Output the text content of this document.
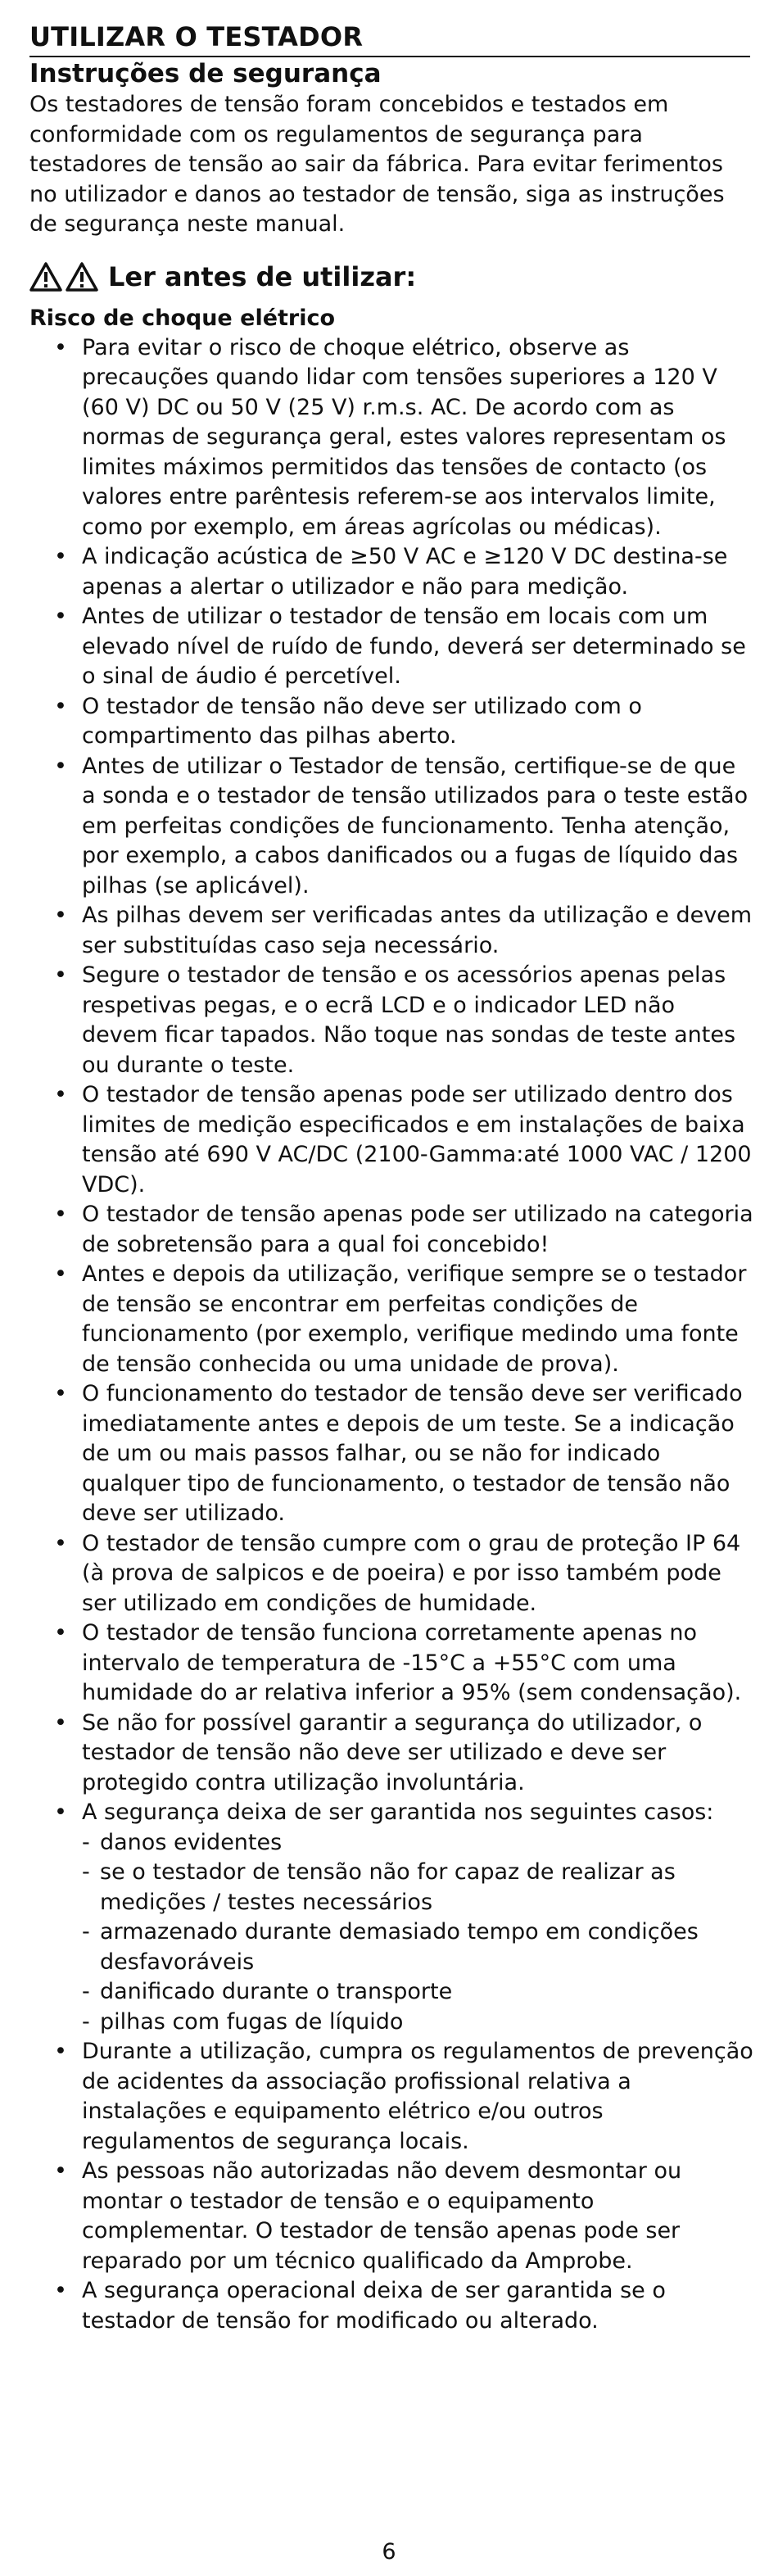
UTILIZAR O TESTADOR
Instruções de segurança

Os testadores de tensão foram concebidos e testados em conformidade com os regulamentos de segurança para testadores de tensão ao sair da fábrica. Para evitar ferimentos no utilizador e danos ao testador de tensão, siga as instruções de segurança neste manual.

Ler antes de utilizar:
Risco de choque elétrico
• Para evitar o risco de choque elétrico, observe as precauções quando lidar com tensões superiores a 120 V (60 V) DC ou 50 V (25 V) r.m.s. AC. De acordo com as normas de segurança geral, estes valores representam os limites máximos permitidos das tensões de contacto (os valores entre parêntesis referem-se aos intervalos limite, como por exemplo, em áreas agrícolas ou médicas).
• A indicação acústica de ≥50 V AC e ≥120 V DC destina-se apenas a alertar o utilizador e não para medição.
• Antes de utilizar o testador de tensão em locais com um elevado nível de ruído de fundo, deverá ser determinado se o sinal de áudio é percetível.
• O testador de tensão não deve ser utilizado com o compartimento das pilhas aberto.
• Antes de utilizar o Testador de tensão, certifique-se de que a sonda e o testador de tensão utilizados para o teste estão em perfeitas condições de funcionamento. Tenha atenção, por exemplo, a cabos danificados ou a fugas de líquido das pilhas (se aplicável).
• As pilhas devem ser verificadas antes da utilização e devem ser substituídas caso seja necessário.
• Segure o testador de tensão e os acessórios apenas pelas respetivas pegas, e o ecrã LCD e o indicador LED não devem ficar tapados. Não toque nas sondas de teste antes ou durante o teste.
• O testador de tensão apenas pode ser utilizado dentro dos limites de medição especificados e em instalações de baixa tensão até 690 V AC/DC (2100-Gamma:até 1000 VAC / 1200 VDC).
• O testador de tensão apenas pode ser utilizado na categoria de sobretensão para a qual foi concebido!
• Antes e depois da utilização, verifique sempre se o testador de tensão se encontrar em perfeitas condições de funcionamento (por exemplo, verifique medindo uma fonte de tensão conhecida ou uma unidade de prova).
• O funcionamento do testador de tensão deve ser verificado imediatamente antes e depois de um teste. Se a indicação de um ou mais passos falhar, ou se não for indicado qualquer tipo de funcionamento, o testador de tensão não deve ser utilizado.
• O testador de tensão cumpre com o grau de proteção IP 64 (à prova de salpicos e de poeira) e por isso também pode ser utilizado em condições de humidade.
• O testador de tensão funciona corretamente apenas no intervalo de temperatura de -15°C a +55°C com uma humidade do ar relativa inferior a 95% (sem condensação).
• Se não for possível garantir a segurança do utilizador, o testador de tensão não deve ser utilizado e deve ser protegido contra utilização involuntária.
• A segurança deixa de ser garantida nos seguintes casos:
- danos evidentes
- se o testador de tensão não for capaz de realizar as medições / testes necessários
- armazenado durante demasiado tempo em condições desfavoráveis
- danificado durante o transporte
- pilhas com fugas de líquido
• Durante a utilização, cumpra os regulamentos de prevenção de acidentes da associação profissional relativa a instalações e equipamento elétrico e/ou outros regulamentos de segurança locais.
• As pessoas não autorizadas não devem desmontar ou montar o testador de tensão e o equipamento complementar. O testador de tensão apenas pode ser reparado por um técnico qualificado da Amprobe.
• A segurança operacional deixa de ser garantida se o testador de tensão for modificado ou alterado.
6
